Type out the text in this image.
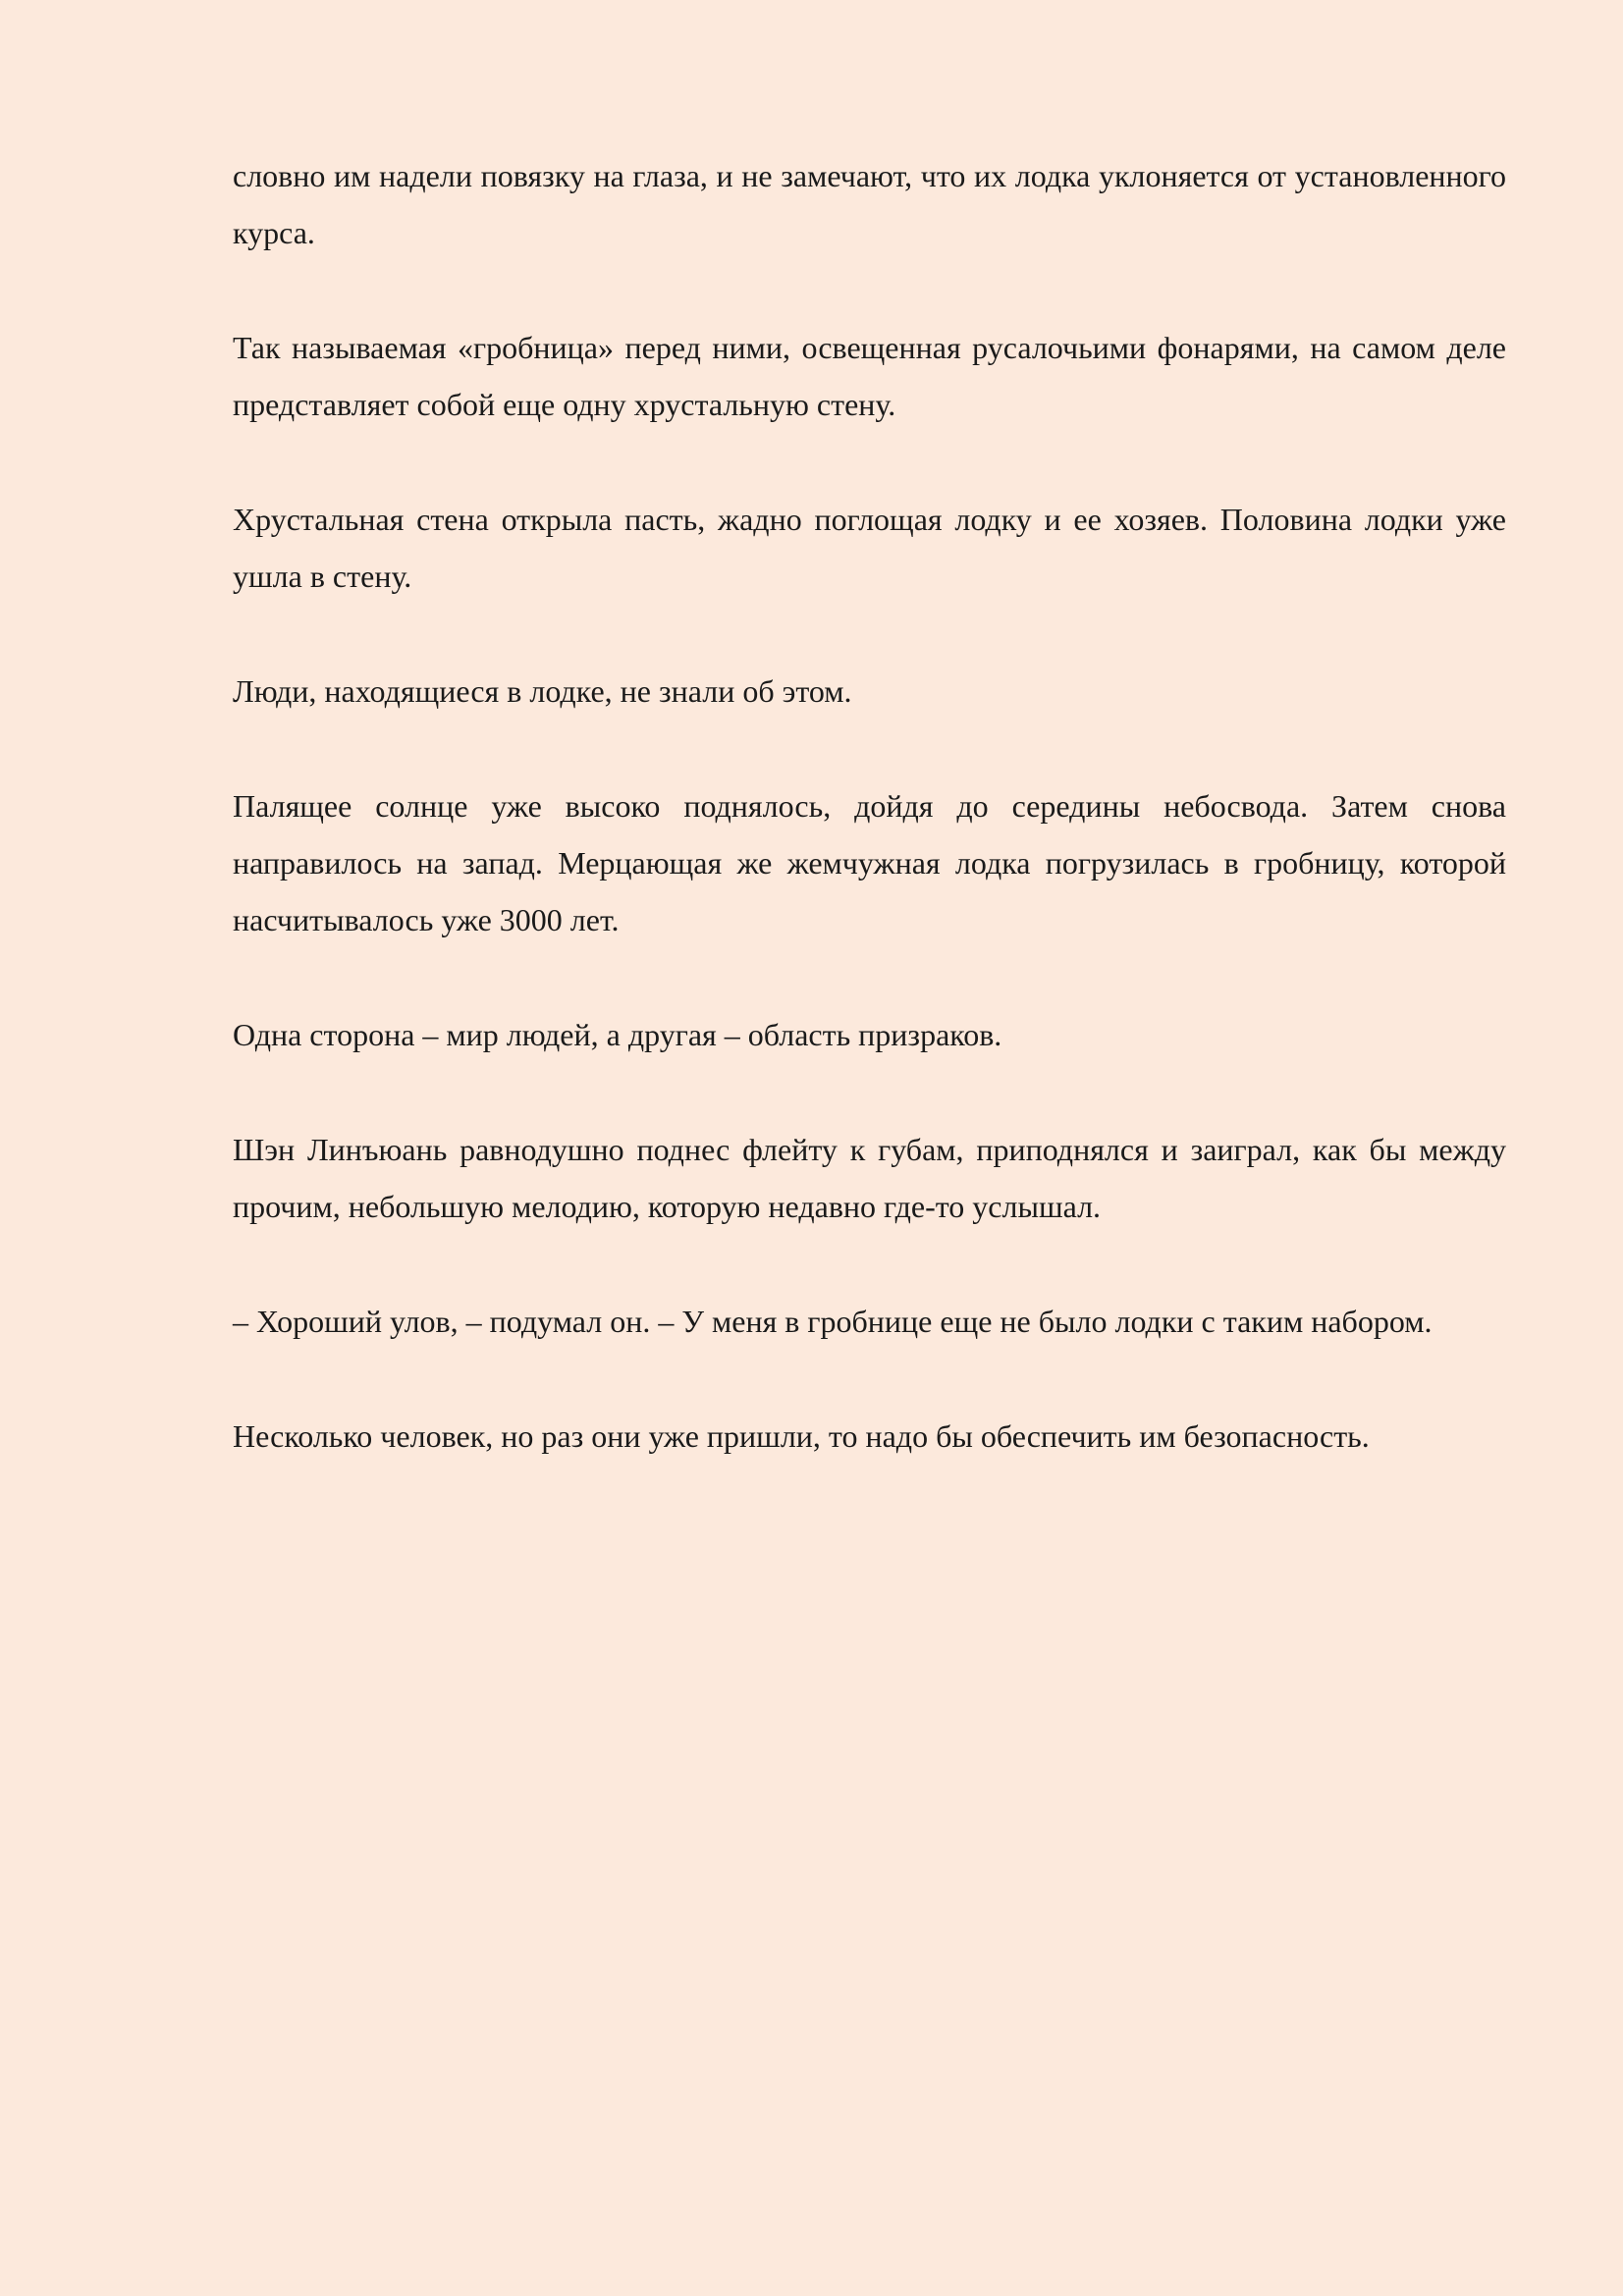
словно им надели повязку на глаза, и не замечают, что их лодка уклоняется от установленного курса.

Так называемая «гробница» перед ними, освещенная русалочьими фонарями, на самом деле представляет собой еще одну хрустальную стену.

Хрустальная стена открыла пасть, жадно поглощая лодку и ее хозяев. Половина лодки уже ушла в стену.

Люди, находящиеся в лодке, не знали об этом.

Палящее солнце уже высоко поднялось, дойдя до середины небосвода. Затем снова направилось на запад. Мерцающая же жемчужная лодка погрузилась в гробницу, которой насчитывалось уже 3000 лет.

Одна сторона – мир людей, а другая – область призраков.

Шэн Линъюань равнодушно поднес флейту к губам, приподнялся и заиграл, как бы между прочим, небольшую мелодию, которую недавно где-то услышал.

– Хороший улов, – подумал он. – У меня в гробнице еще не было лодки с таким набором.

Несколько человек, но раз они уже пришли, то надо бы обеспечить им безопасность.
